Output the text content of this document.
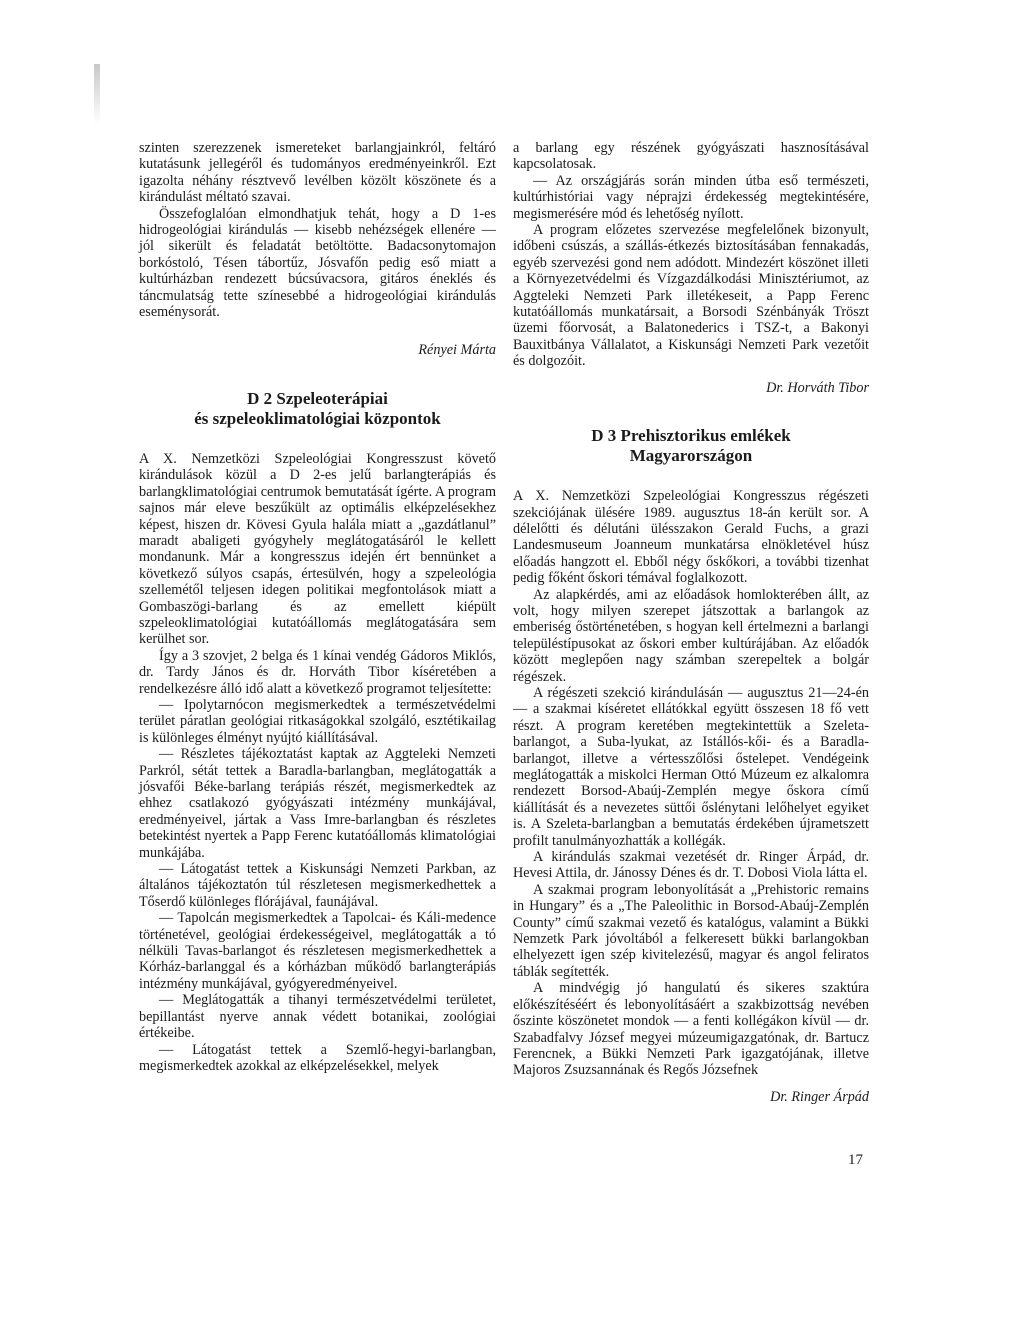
szinten szerezzenek ismereteket barlangjainkról, feltáró kutatásunk jellegéről és tudományos eredményeinkről. Ezt igazolta néhány résztvevő levélben közölt köszönete és a kirándulást méltató szavai.

Összefoglalóan elmondhatjuk tehát, hogy a D 1-es hidrogeológiai kirándulás — kisebb nehézségek ellenére — jól sikerült és feladatát betöltötte. Badacsonytomajon borkóstoló, Tésen tábortűz, Jósvafőn pedig eső miatt a kultúrházban rendezett búcsúvacsora, gitáros éneklés és táncmulatság tette színesebbé a hidrogeológiai kirándulás eseménysorát.

Rényei Márta

D 2 Szpeleoterápiai
és szpeleoklimatológiai központok

A X. Nemzetközi Szpeleológiai Kongresszust követő kirándulások közül a D 2-es jelű barlangterápiás és barlangklimatológiai centrumok bemutatását ígérte. A program sajnos már eleve beszűkült az optimális elképzelésekhez képest, hiszen dr. Kövesi Gyula halála miatt a „gazdátlanul” maradt abaligeti gyógyhely meglátogatásáról le kellett mondanunk. Már a kongresszus idején ért bennünket a következő súlyos csapás, értesülvén, hogy a szpeleológia szellemétől teljesen idegen politikai megfontolások miatt a Gombaszögi-barlang és az emellett kiépült szpeleoklimatológiai kutatóállomás meglátogatására sem kerülhet sor.

Így a 3 szovjet, 2 belga és 1 kínai vendég Gádoros Miklós, dr. Tardy János és dr. Horváth Tibor kíséretében a rendelkezésre álló idő alatt a következő programot teljesítette:

— Ipolytarnócon megismerkedtek a természetvédelmi terület páratlan geológiai ritkaságokkal szolgáló, esztétikailag is különleges élményt nyújtó kiállításával.

— Részletes tájékoztatást kaptak az Aggteleki Nemzeti Parkról, sétát tettek a Baradla-barlangban, meglátogatták a jósvafői Béke-barlang terápiás részét, megismerkedtek az ehhez csatlakozó gyógyászati intézmény munkájával, eredményeivel, jártak a Vass Imre-barlangban és részletes betekintést nyertek a Papp Ferenc kutatóállomás klimatológiai munkájába.

— Látogatást tettek a Kiskunsági Nemzeti Parkban, az általános tájékoztatón túl részletesen megismerkedhettek a Tőserdő különleges flórájával, faunájával.

— Tapolcán megismerkedtek a Tapolcai- és Káli-medence történetével, geológiai érdekességeivel, meglátogatták a tó nélküli Tavas-barlangot és részletesen megismerkedhettek a Kórház-barlanggal és a kórházban működő barlangterápiás intézmény munkájával, gyógyeredményeivel.

— Meglátogatták a tihanyi természetvédelmi területet, bepillantást nyerve annak védett botanikai, zoológiai értékeibe.

— Látogatást tettek a Szemlő-hegyi-barlangban, megismerkedtek azokkal az elképzelésekkel, melyek

a barlang egy részének gyógyászati hasznosításával kapcsolatosak.

— Az országjárás során minden útba eső természeti, kultúrhistóriai vagy néprajzi érdekesség megtekintésére, megismerésére mód és lehetőség nyílott.

A program előzetes szervezése megfelelőnek bizonyult, időbeni csúszás, a szállás-étkezés biztosításában fennakadás, egyéb szervezési gond nem adódott. Mindezért köszönet illeti a Környezetvédelmi és Vízgazdálkodási Minisztériumot, az Aggteleki Nemzeti Park illetékeseit, a Papp Ferenc kutatóállomás munkatársait, a Borsodi Szénbányák Tröszt üzemi főorvosát, a Balatonederics i TSZ-t, a Bakonyi Bauxitbánya Vállalatot, a Kiskunsági Nemzeti Park vezetőit és dolgozóit.

Dr. Horváth Tibor

D 3 Prehisztorikus emlékek
Magyarországon

A X. Nemzetközi Szpeleológiai Kongresszus régészeti szekciójának ülésére 1989. augusztus 18-án került sor. A délelőtti és délutáni ülésszakon Gerald Fuchs, a grazi Landesmuseum Joanneum munkatársa elnökletével húsz előadás hangzott el. Ebből négy őskőkori, a további tizenhat pedig főként őskori témával foglalkozott.

Az alapkérdés, ami az előadások homlokterében állt, az volt, hogy milyen szerepet játszottak a barlangok az emberiség őstörténetében, s hogyan kell értelmezni a barlangi településtípusokat az őskori ember kultúrájában. Az előadók között meglepően nagy számban szerepeltek a bolgár régészek.

A régészeti szekció kirándulásán — augusztus 21—24-én — a szakmai kíséretet ellátókkal együtt összesen 18 fő vett részt. A program keretében megtekintettük a Szeleta-barlangot, a Suba-lyukat, az Istállós-kői- és a Baradla-barlangot, illetve a vértesszőlősi őstelepet. Vendégeink meglátogatták a miskolci Herman Ottó Múzeum ez alkalomra rendezett Borsod-Abaúj-Zemplén megye őskora című kiállítását és a nevezetes süttői őslénytani lelőhelyet egyiket is. A Szeleta-barlangban a bemutatás érdekében újrametszett profilt tanulmányozhatták a kollégák.

A kirándulás szakmai vezetését dr. Ringer Árpád, dr. Hevesi Attila, dr. Jánossy Dénes és dr. T. Dobosi Viola látta el.

A szakmai program lebonyolítását a „Prehistoric remains in Hungary” és a „The Paleolithic in Borsod-Abaúj-Zemplén County” című szakmai vezető és katalógus, valamint a Bükki Nemzetk Park jóvoltából a felkeresett bükki barlangokban elhelyezett igen szép kivitelezésű, magyar és angol feliratos táblák segítették.

A mindvégig jó hangulatú és sikeres szaktúra előkészítéséért és lebonyolításáért a szakbizottság nevében őszinte köszönetet mondok — a fenti kollégákon kívül — dr. Szabadfalvy József megyei múzeumigazgatónak, dr. Bartucz Ferencnek, a Bükki Nemzeti Park igazgatójának, illetve Majoros Zsuzsannának és Regős Józsefnek

Dr. Ringer Árpád

17
